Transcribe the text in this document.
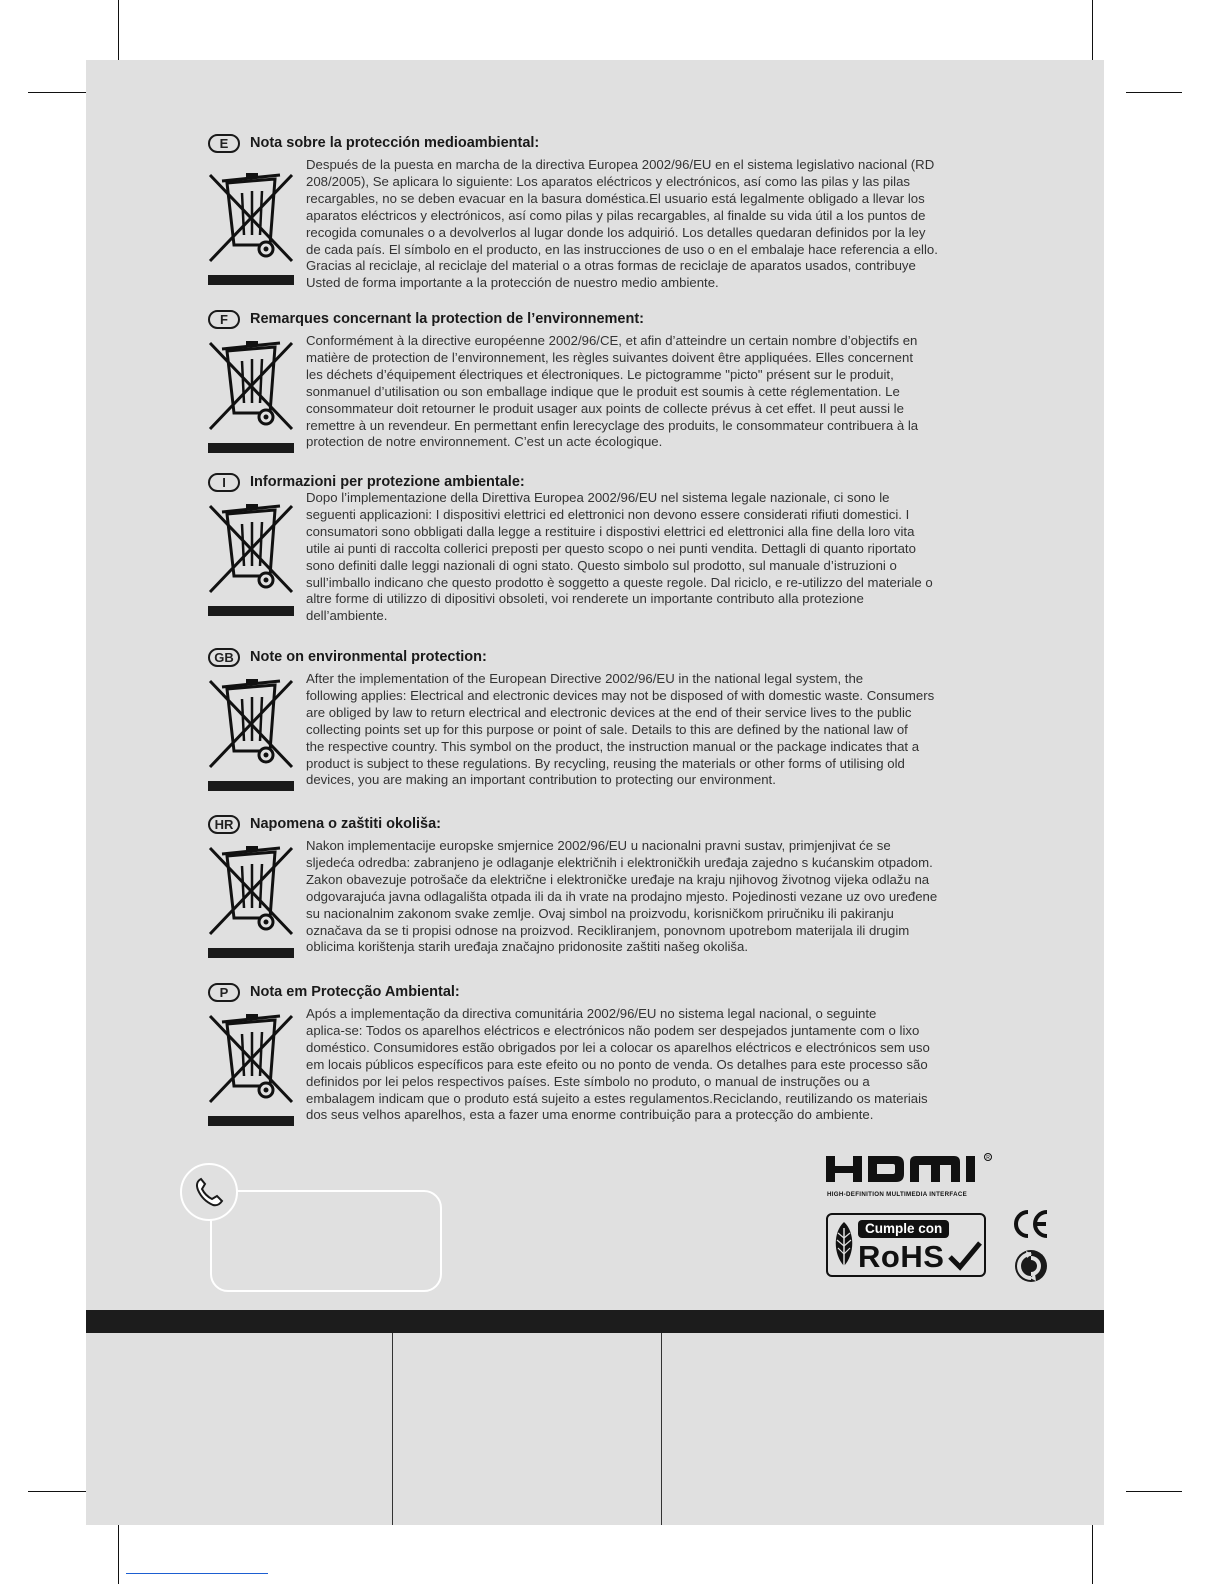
E	Nota sobre la protección medioambiental:

Después de la puesta en marcha de la directiva Europea 2002/96/EU en el sistema legislativo nacional (RD
208/2005), Se aplicara lo siguiente: Los aparatos eléctricos y electrónicos, así como las pilas y las pilas
recargables, no se deben evacuar en la basura doméstica.El usuario está legalmente obligado a llevar los
aparatos eléctricos y electrónicos, así como pilas y pilas recargables, al finalde su vida útil a los puntos de
recogida comunales o a devolverlos al lugar donde los adquirió. Los detalles quedaran definidos por la ley
de cada país. El símbolo en el producto, en las instrucciones de uso o en el embalaje hace referencia a ello.
Gracias al reciclaje, al reciclaje del material o a otras formas de reciclaje de aparatos usados, contribuye
Usted de forma importante a la protección de nuestro medio ambiente.

F	Remarques concernant la protection de l’environnement:

Conformément à la directive européenne 2002/96/CE, et afin d’atteindre un certain nombre d’objectifs en
matière de protection de l’environnement, les règles suivantes doivent être appliquées. Elles concernent
les déchets d’équipement électriques et électroniques. Le pictogramme "picto" présent sur le produit,
sonmanuel d’utilisation ou son emballage indique que le produit est soumis à cette réglementation. Le
consommateur doit retourner le produit usager aux points de collecte prévus à cet effet. Il peut aussi le
remettre à un revendeur. En permettant enfin lerecyclage des produits, le consommateur contribuera à la
protection de notre environnement. C’est un acte écologique.

I	Informazioni per protezione ambientale:

Dopo l’implementazione della Direttiva Europea 2002/96/EU nel sistema legale nazionale, ci sono le
seguenti applicazioni: I dispositivi elettrici ed elettronici non devono essere considerati rifiuti domestici. I
consumatori sono obbligati dalla legge a restituire i dispostivi elettrici ed elettronici alla fine della loro vita
utile ai punti di raccolta collerici preposti per questo scopo o nei punti vendita. Dettagli di quanto riportato
sono definiti dalle leggi nazionali di ogni stato. Questo simbolo sul prodotto, sul manuale d’istruzioni o
sull’imballo indicano che questo prodotto è soggetto a queste regole. Dal riciclo, e re-utilizzo del materiale o
altre forme di utilizzo di dipositivi obsoleti, voi renderete un importante contributo alla protezione
dell’ambiente.

GB	Note on environmental protection:

After the implementation of the European Directive 2002/96/EU in the national legal system, the
following applies: Electrical and electronic devices may not be disposed of with domestic waste. Consumers
are obliged by law to return electrical and electronic devices at the end of their service lives to the public
collecting points set up for this purpose or point of sale. Details to this are defined by the national law of
the respective country. This symbol on the product, the instruction manual or the package indicates that a
product is subject to these regulations. By recycling, reusing the materials or other forms of utilising old
devices, you are making an important contribution to protecting our environment.

HR	Napomena o zaštiti okoliša:

Nakon implementacije europske smjernice 2002/96/EU u nacionalni pravni sustav, primjenjivat će se
sljedeća odredba: zabranjeno je odlaganje električnih i elektroničkih uređaja zajedno s kućanskim otpadom.
Zakon obavezuje potrošače da električne i elektroničke uređaje na kraju njihovog životnog vijeka odlažu na
odgovarajuća javna odlagališta otpada ili da ih vrate na prodajno mjesto. Pojedinosti vezane uz ovo uređene
su nacionalnim zakonom svake zemlje. Ovaj simbol na proizvodu, korisničkom priručniku ili pakiranju
označava da se ti propisi odnose na proizvod. Recikliranjem, ponovnom upotrebom materijala ili drugim
oblicima korištenja starih uređaja značajno pridonosite zaštiti našeg okoliša.

P	Nota em Protecção Ambiental:

Após a implementação da directiva comunitária 2002/96/EU no sistema legal nacional, o seguinte
aplica-se: Todos os aparelhos eléctricos e electrónicos não podem ser despejados juntamente com o lixo
doméstico. Consumidores estão obrigados por lei a colocar os aparelhos eléctricos e electrónicos sem uso
em locais públicos específicos para este efeito ou no ponto de venda. Os detalhes para este processo são
definidos por lei pelos respectivos países. Este símbolo no produto, o manual de instruções ou a
embalagem indicam que o produto está sujeito a estes regulamentos.Reciclando, reutilizando os materiais
dos seus velhos aparelhos, esta a fazer uma enorme contribuição para a protecção do ambiente.

R
HIGH-DEFINITION MULTIMEDIA INTERFACE
Cumple con
RoHS
